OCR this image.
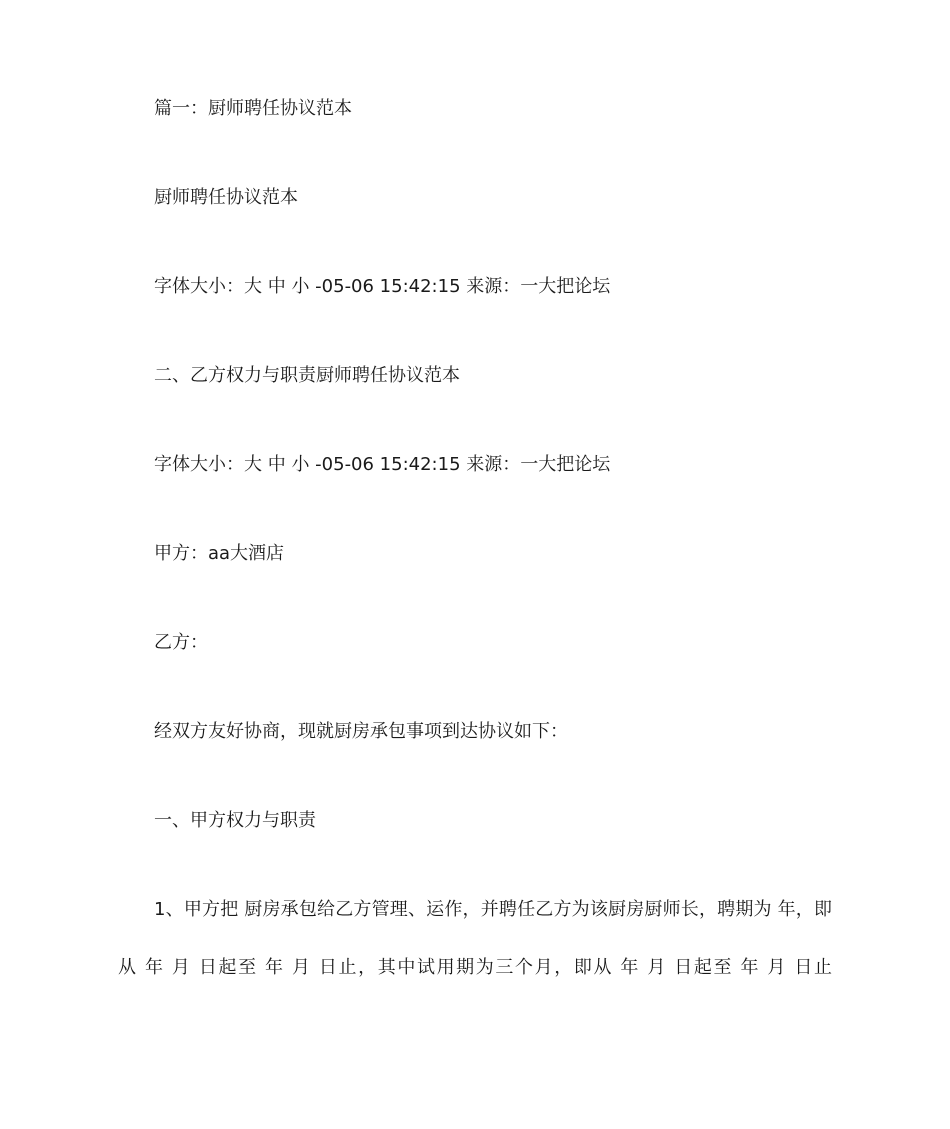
篇一：厨师聘任协议范本

厨师聘任协议范本

字体大小：大 中 小 -05-06 15:42:15 来源：一大把论坛

二、乙方权力与职责厨师聘任协议范本

字体大小：大 中 小 -05-06 15:42:15 来源：一大把论坛

甲方：aa大酒店

乙方：

经双方友好协商，现就厨房承包事项到达协议如下：

一、甲方权力与职责

1、甲方把 厨房承包给乙方管理、运作，并聘任乙方为该厨房厨师长，聘期为 年，即
从 年 月 日起至 年 月 日止，其中试用期为三个月，即从 年 月 日起至 年 月 日止
